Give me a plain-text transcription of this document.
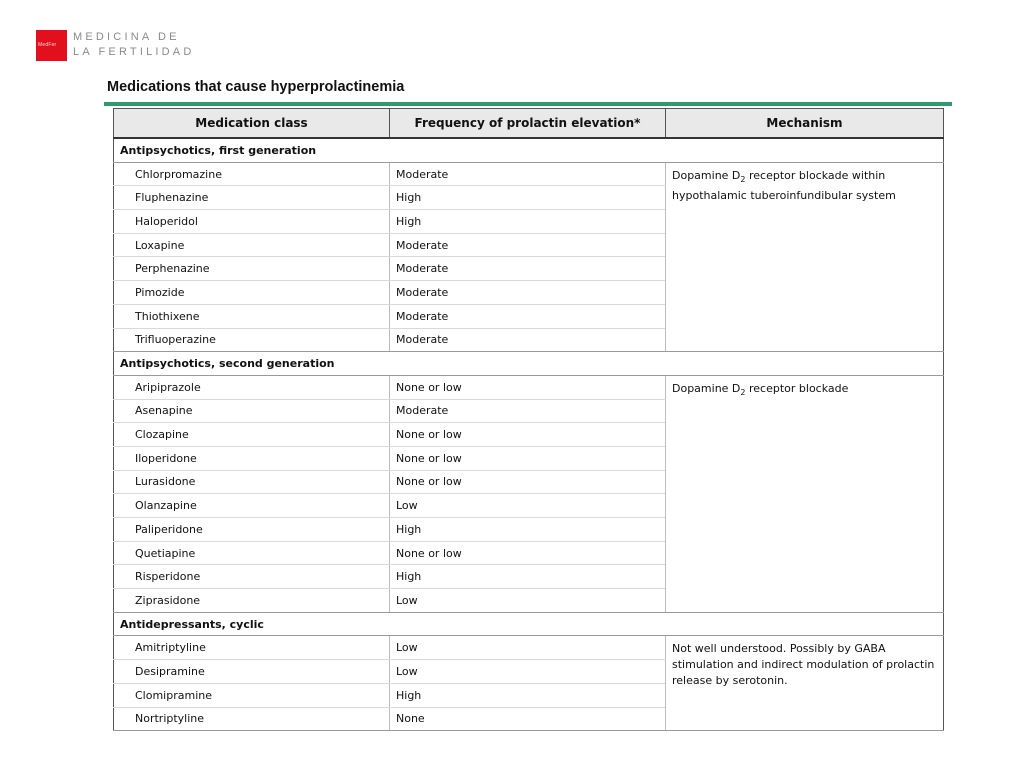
MedFer
MEDICINA DE
LA FERTILIDAD
Medications that cause hyperprolactinemia
Medication class	Frequency of prolactin elevation*	Mechanism
Antipsychotics, first generation		
Chlorpromazine	Moderate	Dopamine $D_2$ receptor blockade within hypothalamic tuberoinfundibular system
Fluphenazine	High	
Haloperidol	High	
Loxapine	Moderate	
Perphenazine	Moderate	
Pimozide	Moderate	
Thiothixene	Moderate	
Trifluoperazine	Moderate	
Antipsychotics, second generation		
Aripiprazole	None or low	Dopamine $D_2$ receptor blockade
Asenapine	Moderate	
Clozapine	None or low	
Iloperidone	None or low	
Lurasidone	None or low	
Olanzapine	Low	
Paliperidone	High	
Quetiapine	None or low	
Risperidone	High	
Ziprasidone	Low	
Antidepressants, cyclic		
Amitriptyline	Low	Not well understood. Possibly by GABA stimulation and indirect modulation of prolactin release by serotonin.
Desipramine	Low	
Clomipramine	High	
Nortriptyline	None	
